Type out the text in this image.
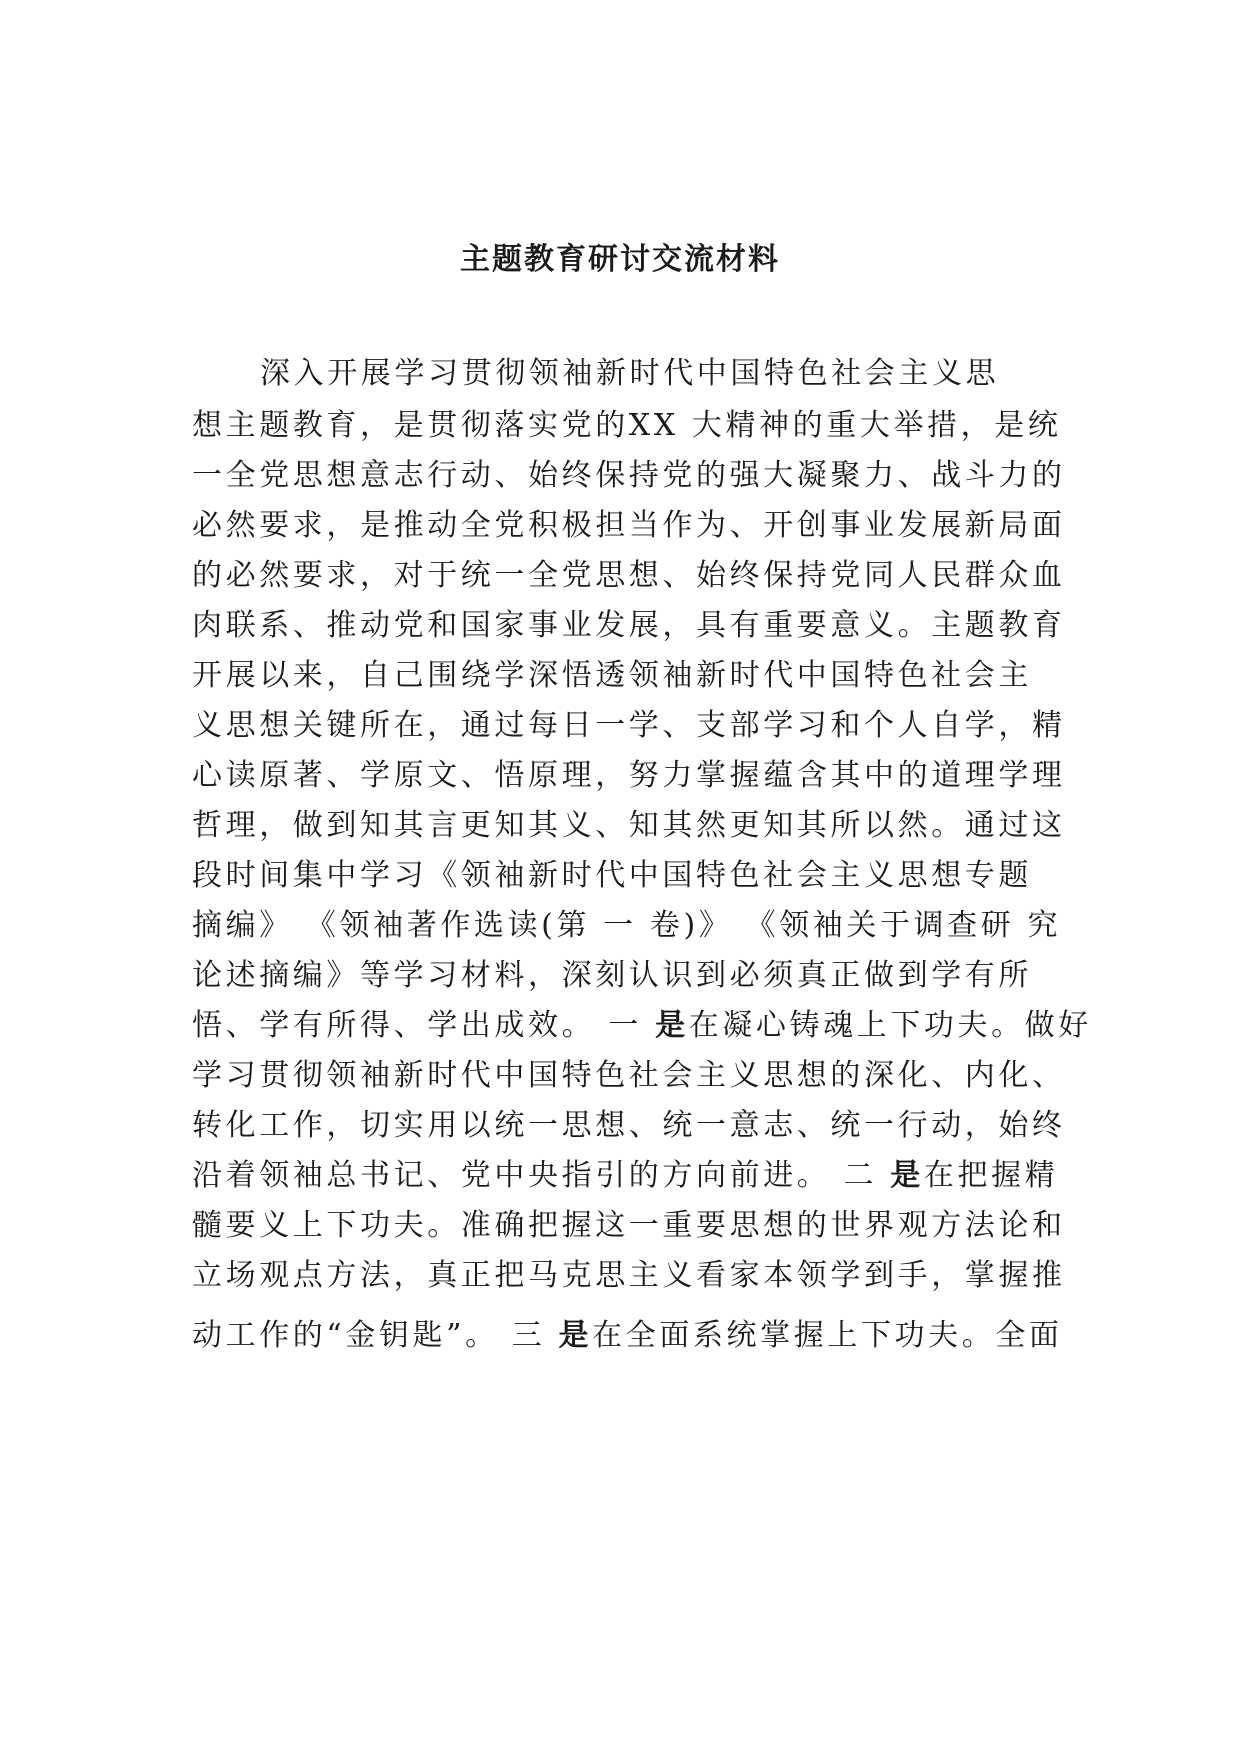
主题教育研讨交流材料
深入开展学习贯彻领袖新时代中国特色社会主义思
想主题教育，是贯彻落实党的XX 大精神的重大举措，是统
一全党思想意志行动、始终保持党的强大凝聚力、战斗力的
必然要求，是推动全党积极担当作为、开创事业发展新局面
的必然要求，对于统一全党思想、始终保持党同人民群众血
肉联系、推动党和国家事业发展，具有重要意义。主题教育
开展以来，自己围绕学深悟透领袖新时代中国特色社会主
义思想关键所在，通过每日一学、支部学习和个人自学，精
心读原著、学原文、悟原理，努力掌握蕴含其中的道理学理
哲理，做到知其言更知其义、知其然更知其所以然。通过这
段时间集中学习《领袖新时代中国特色社会主义思想专题
摘编》 《领袖著作选读(第 一 卷)》 《领袖关于调查研 究
论述摘编》等学习材料，深刻认识到必须真正做到学有所
悟、学有所得、学出成效。 一 是在凝心铸魂上下功夫。做好
学习贯彻领袖新时代中国特色社会主义思想的深化、内化、
转化工作，切实用以统一思想、统一意志、统一行动，始终
沿着领袖总书记、党中央指引的方向前进。 二 是在把握精
髓要义上下功夫。准确把握这一重要思想的世界观方法论和
立场观点方法，真正把马克思主义看家本领学到手，掌握推
动工作的“金钥匙”。 三 是在全面系统掌握上下功夫。全面
